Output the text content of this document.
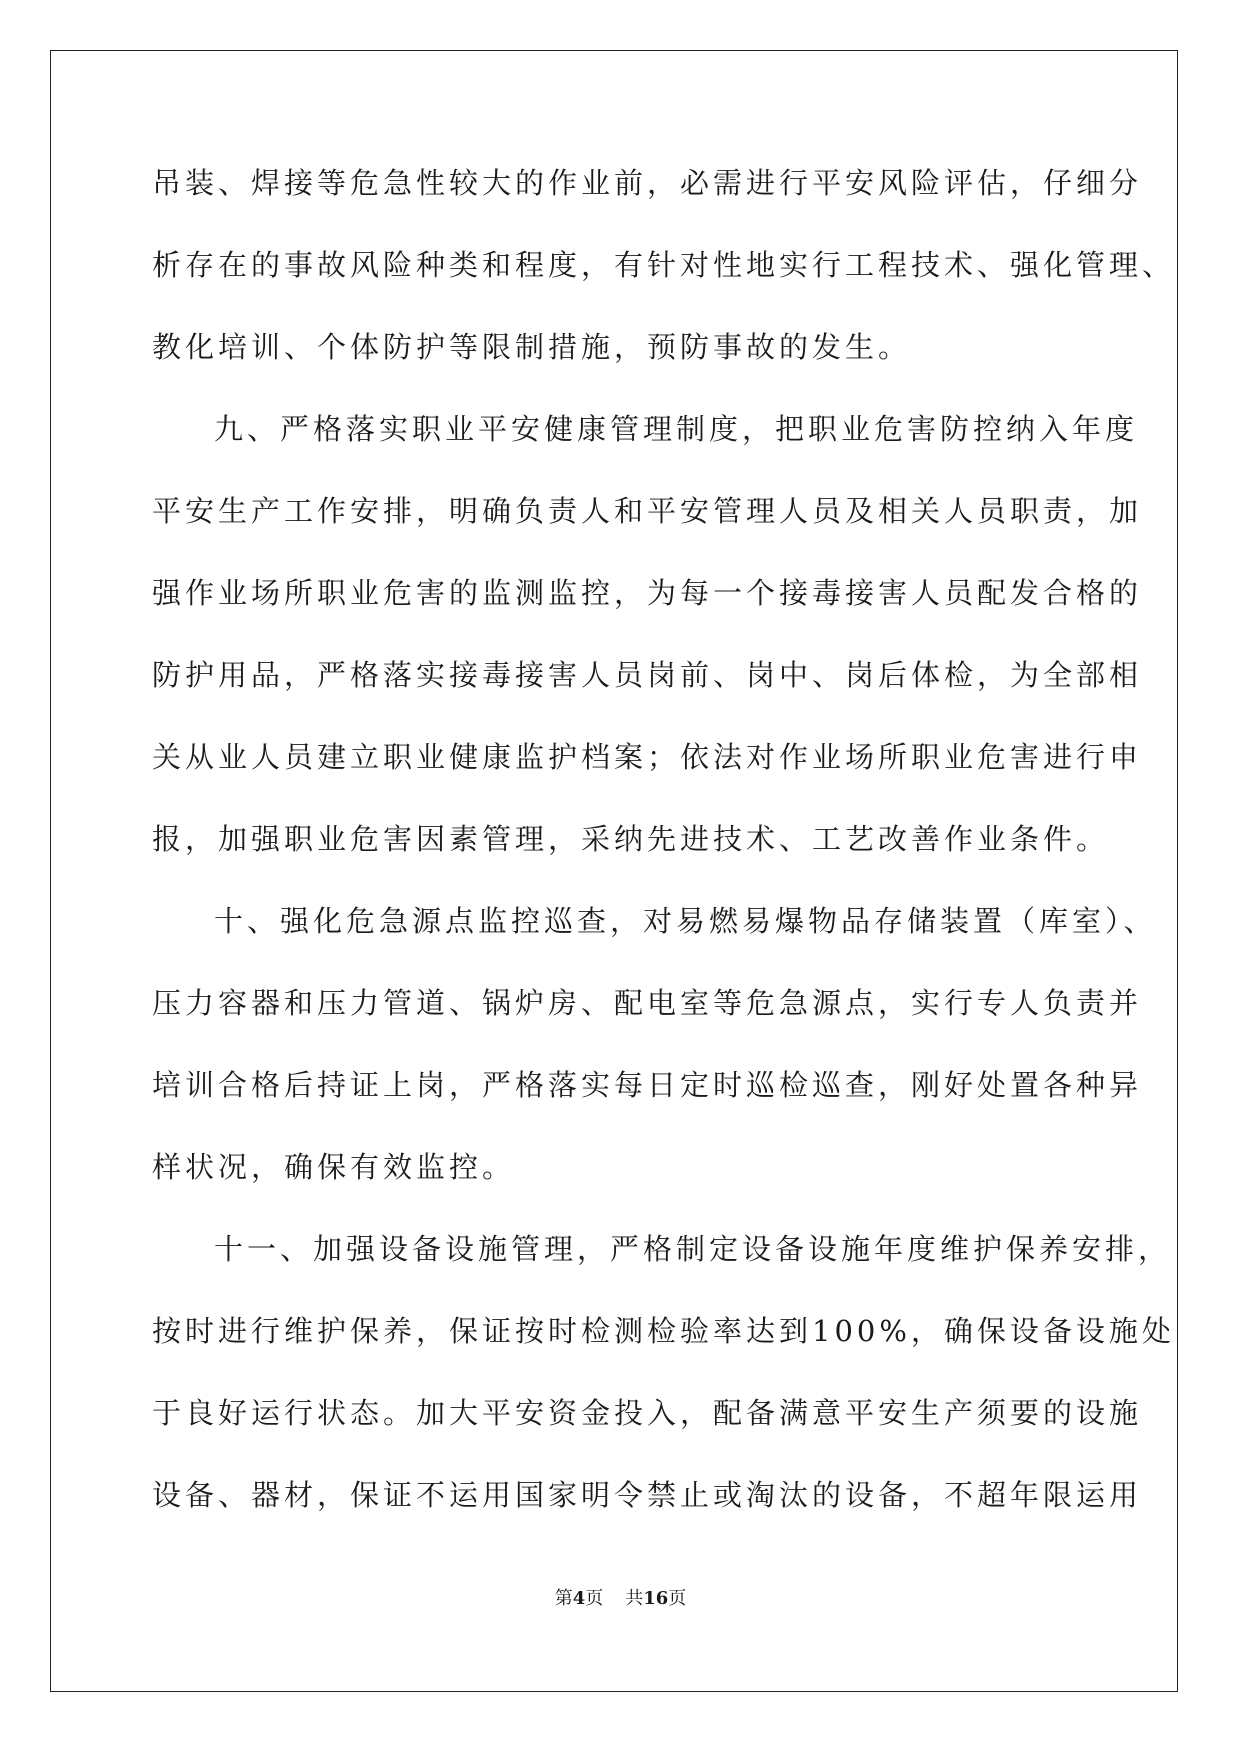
吊装、焊接等危急性较大的作业前，必需进行平安风险评估，仔细分
析存在的事故风险种类和程度，有针对性地实行工程技术、强化管理、
教化培训、个体防护等限制措施，预防事故的发生。
九、严格落实职业平安健康管理制度，把职业危害防控纳入年度
平安生产工作安排，明确负责人和平安管理人员及相关人员职责，加
强作业场所职业危害的监测监控，为每一个接毒接害人员配发合格的
防护用品，严格落实接毒接害人员岗前、岗中、岗后体检，为全部相
关从业人员建立职业健康监护档案；依法对作业场所职业危害进行申
报，加强职业危害因素管理，采纳先进技术、工艺改善作业条件。
十、强化危急源点监控巡查，对易燃易爆物品存储装置（库室）、
压力容器和压力管道、锅炉房、配电室等危急源点，实行专人负责并
培训合格后持证上岗，严格落实每日定时巡检巡查，刚好处置各种异
样状况，确保有效监控。
十一、加强设备设施管理，严格制定设备设施年度维护保养安排，
按时进行维护保养，保证按时检测检验率达到100%，确保设备设施处
于良好运行状态。加大平安资金投入，配备满意平安生产须要的设施
设备、器材，保证不运用国家明令禁止或淘汰的设备，不超年限运用
第4页 共16页
